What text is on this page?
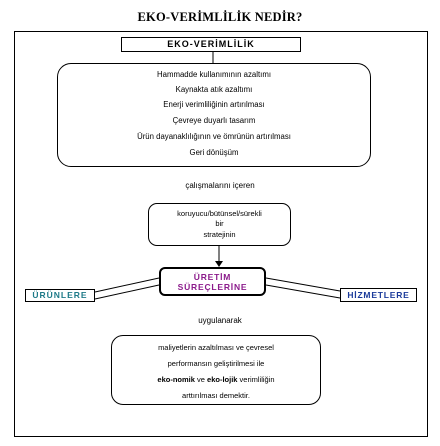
EKO-VERİMLİLİK NEDİR?
EKO-VERİMLİLİK
Hammadde kullanımının azaltımı
Kaynakta atık azaltımı
Enerji verimliliğinin artırılması
Çevreye duyarlı tasarım
Ürün dayanaklılığının ve ömrünün artırılması
Geri dönüşüm
çalışmalarını içeren
koruyucu/bütünsel/sürekli
bir
stratejinin
ÜRETİM
SÜREÇLERİNE
ÜRÜNLERE	HİZMETLERE
uygulanarak
maliyetlerin azaltılması ve çevresel
performansın geliştirilmesi ile
eko-nomik ve eko-lojik verimliliğin
arttırılması demektir.
